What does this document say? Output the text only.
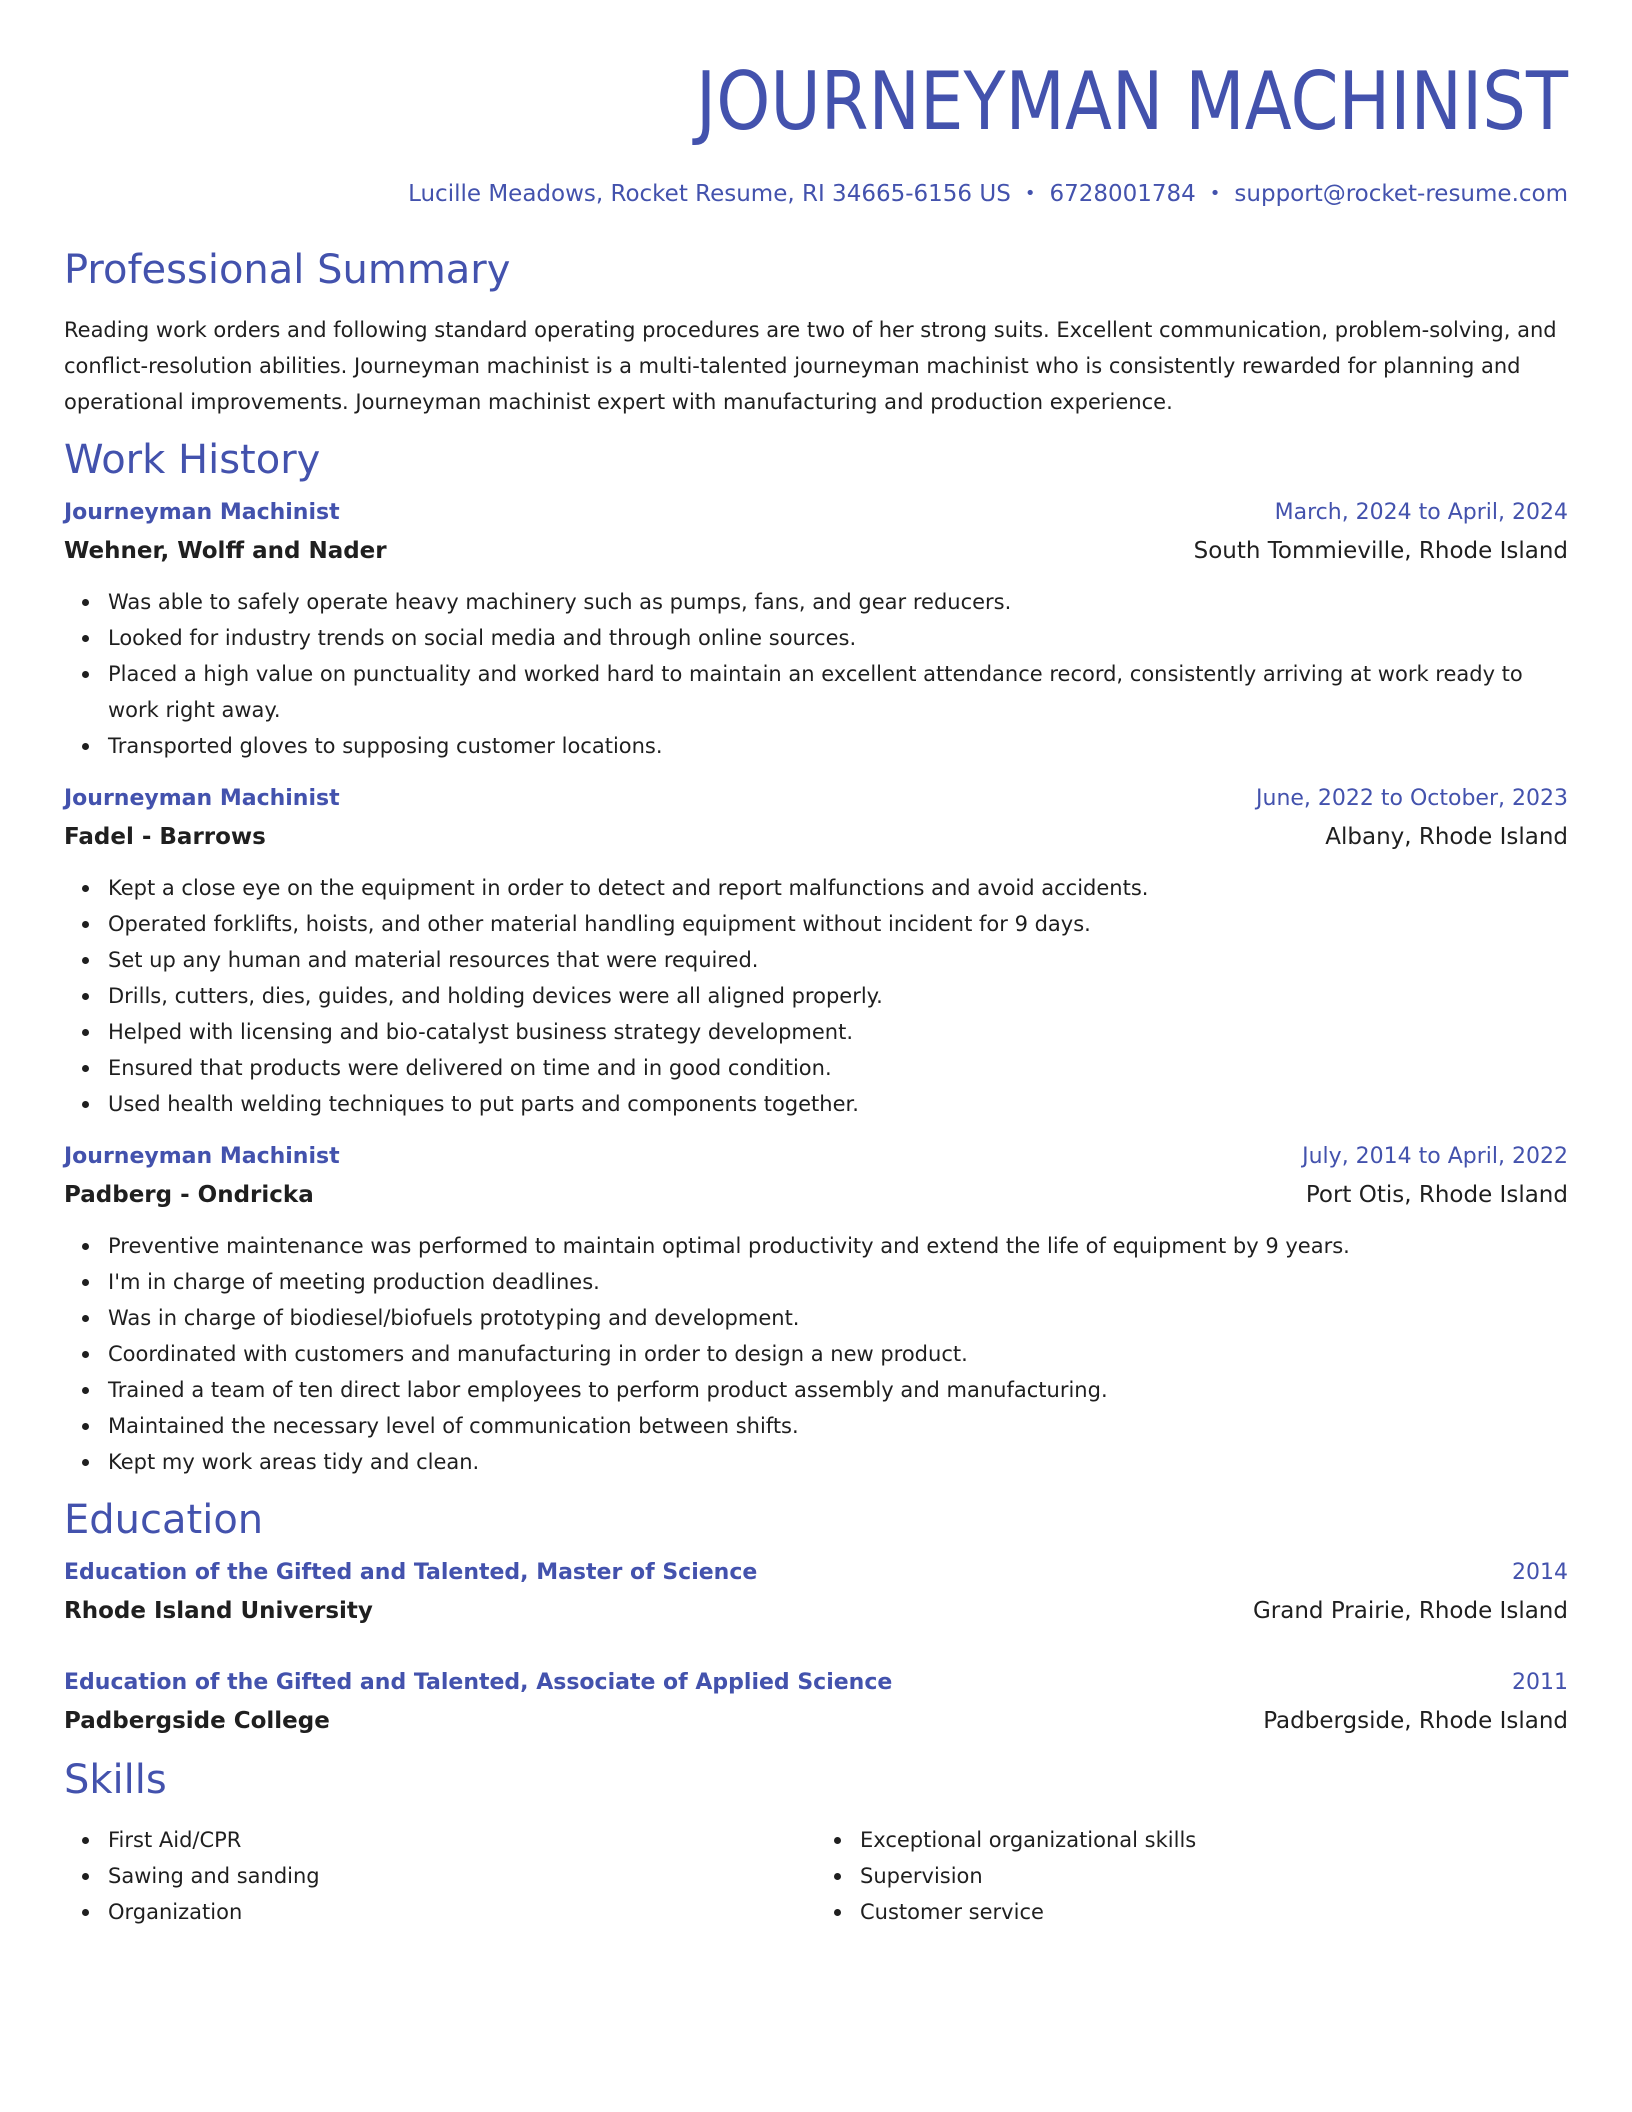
JOURNEYMAN MACHINIST
Lucille Meadows, Rocket Resume, RI 34665-6156 US • 6728001784 • support@rocket-resume.com
Professional Summary

Reading work orders and following standard operating procedures are two of her strong suits. Excellent communication, problem-solving, and conflict-resolution abilities. Journeyman machinist is a multi-talented journeyman machinist who is consistently rewarded for planning and operational improvements. Journeyman machinist expert with manufacturing and production experience.

Work History
Journeyman Machinist	March, 2024 to April, 2024
Wehner, Wolff and Nader	South Tommieville, Rhode Island
Was able to safely operate heavy machinery such as pumps, fans, and gear reducers.
Looked for industry trends on social media and through online sources.
Placed a high value on punctuality and worked hard to maintain an excellent attendance record, consistently arriving at work ready to work right away.
Transported gloves to supposing customer locations.
Journeyman Machinist	June, 2022 to October, 2023
Fadel - Barrows	Albany, Rhode Island
Kept a close eye on the equipment in order to detect and report malfunctions and avoid accidents.
Operated forklifts, hoists, and other material handling equipment without incident for 9 days.
Set up any human and material resources that were required.
Drills, cutters, dies, guides, and holding devices were all aligned properly.
Helped with licensing and bio-catalyst business strategy development.
Ensured that products were delivered on time and in good condition.
Used health welding techniques to put parts and components together.
Journeyman Machinist	July, 2014 to April, 2022
Padberg - Ondricka	Port Otis, Rhode Island
Preventive maintenance was performed to maintain optimal productivity and extend the life of equipment by 9 years.
I'm in charge of meeting production deadlines.
Was in charge of biodiesel/biofuels prototyping and development.
Coordinated with customers and manufacturing in order to design a new product.
Trained a team of ten direct labor employees to perform product assembly and manufacturing.
Maintained the necessary level of communication between shifts.
Kept my work areas tidy and clean.
Education
Education of the Gifted and Talented, Master of Science	2014
Rhode Island University	Grand Prairie, Rhode Island
Education of the Gifted and Talented, Associate of Applied Science	2011
Padbergside College	Padbergside, Rhode Island
Skills
First Aid/CPR
Sawing and sanding
Organization
Exceptional organizational skills
Supervision
Customer service
